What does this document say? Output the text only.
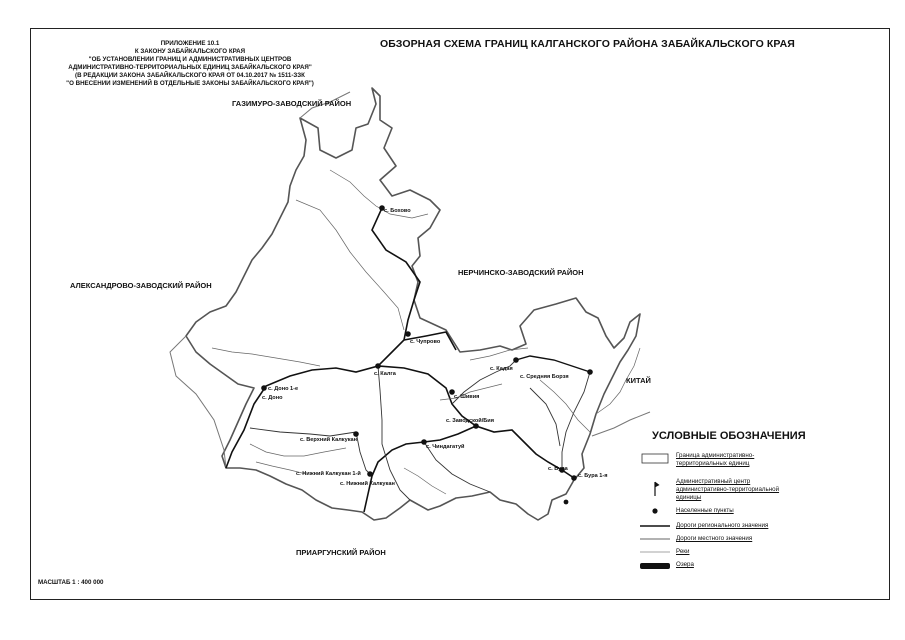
ПРИЛОЖЕНИЕ 10.1
К ЗАКОНУ ЗАБАЙКАЛЬСКОГО КРАЯ
"ОБ УСТАНОВЛЕНИИ ГРАНИЦ И АДМИНИСТРАТИВНЫХ ЦЕНТРОВ
АДМИНИСТРАТИВНО-ТЕРРИТОРИАЛЬНЫХ ЕДИНИЦ ЗАБАЙКАЛЬСКОГО КРАЯ"
(В РЕДАКЦИИ ЗАКОНА ЗАБАЙКАЛЬСКОГО КРАЯ ОТ 04.10.2017 № 1511-ЗЗК
"О ВНЕСЕНИИ ИЗМЕНЕНИЙ В ОТДЕЛЬНЫЕ ЗАКОНЫ ЗАБАЙКАЛЬСКОГО КРАЯ")
ОБЗОРНАЯ СХЕМА ГРАНИЦ КАЛГАНСКОГО РАЙОНА ЗАБАЙКАЛЬСКОГО КРАЯ
ГАЗИМУРО-ЗАВОДСКИЙ РАЙОН
АЛЕКСАНДРОВО-ЗАВОДСКИЙ РАЙОН
НЕРЧИНСКО-ЗАВОДСКИЙ РАЙОН
КИТАЙ
ПРИАРГУНСКИЙ РАЙОН
с. Бохово
с. Чупрово
с. Калга
с. Кадая
с. Средняя Борзя
с. Шивия
с. Доно 1-е
с. Доно
с. Заводской/Бия
с. Верхний Калкукан
с. Чиндагатуй
с. Бура
с. Бура 1-я
с. Нижний Калкукан 1-й
с. Нижний Калкукан
УСЛОВНЫЕ ОБОЗНАЧЕНИЯ
Граница административно-
территориальных единиц
Административный центр
административно-территориальной
единицы
Населенные пункты
Дороги регионального значения
Дороги местного значения
Реки
Озера
МАСШТАБ 1 : 400 000
